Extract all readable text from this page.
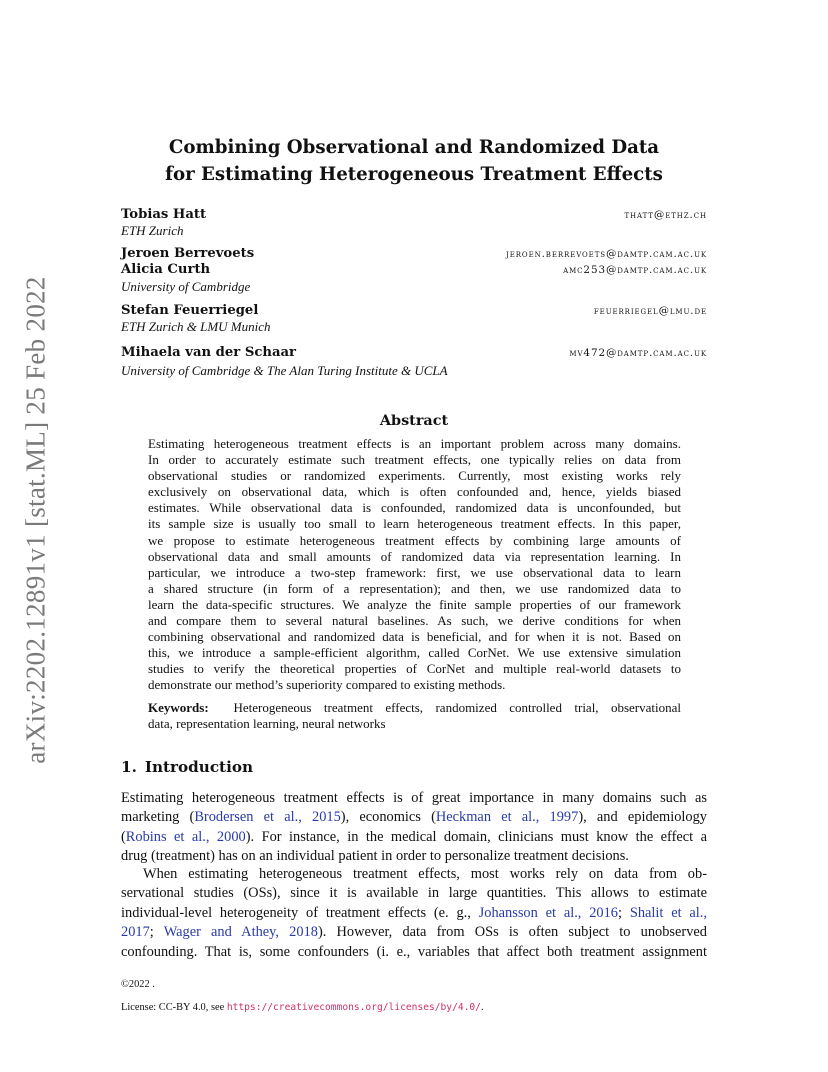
arXiv:2202.12891v1 [stat.ML] 25 Feb 2022
Combining Observational and Randomized Data
for Estimating Heterogeneous Treatment Effects
Tobias Hatt	thatt@ethz.ch
ETH Zurich
Jeroen Berrevoets	jeroen.berrevoets@damtp.cam.ac.uk
Alicia Curth	amc253@damtp.cam.ac.uk
University of Cambridge
Stefan Feuerriegel	feuerriegel@lmu.de
ETH Zurich & LMU Munich
Mihaela van der Schaar	mv472@damtp.cam.ac.uk
University of Cambridge & The Alan Turing Institute & UCLA
Abstract
Estimating heterogeneous treatment effects is an important problem across many domains.
In order to accurately estimate such treatment effects, one typically relies on data from
observational studies or randomized experiments. Currently, most existing works rely
exclusively on observational data, which is often confounded and, hence, yields biased
estimates. While observational data is confounded, randomized data is unconfounded, but
its sample size is usually too small to learn heterogeneous treatment effects. In this paper,
we propose to estimate heterogeneous treatment effects by combining large amounts of
observational data and small amounts of randomized data via representation learning. In
particular, we introduce a two-step framework: first, we use observational data to learn
a shared structure (in form of a representation); and then, we use randomized data to
learn the data-specific structures. We analyze the finite sample properties of our framework
and compare them to several natural baselines. As such, we derive conditions for when
combining observational and randomized data is beneficial, and for when it is not. Based on
this, we introduce a sample-efficient algorithm, called CorNet. We use extensive simulation
studies to verify the theoretical properties of CorNet and multiple real-world datasets to
demonstrate our method’s superiority compared to existing methods.
Keywords: Heterogeneous treatment effects, randomized controlled trial, observational
data, representation learning, neural networks
1. Introduction
Estimating heterogeneous treatment effects is of great importance in many domains such as
marketing (Brodersen et al., 2015), economics (Heckman et al., 1997), and epidemiology
(Robins et al., 2000). For instance, in the medical domain, clinicians must know the effect a
drug (treatment) has on an individual patient in order to personalize treatment decisions.
When estimating heterogeneous treatment effects, most works rely on data from ob-
servational studies (OSs), since it is available in large quantities. This allows to estimate
individual-level heterogeneity of treatment effects (e. g., Johansson et al., 2016; Shalit et al.,
2017; Wager and Athey, 2018). However, data from OSs is often subject to unobserved
confounding. That is, some confounders (i. e., variables that affect both treatment assignment
©2022 .
License: CC-BY 4.0, see https://creativecommons.org/licenses/by/4.0/.
